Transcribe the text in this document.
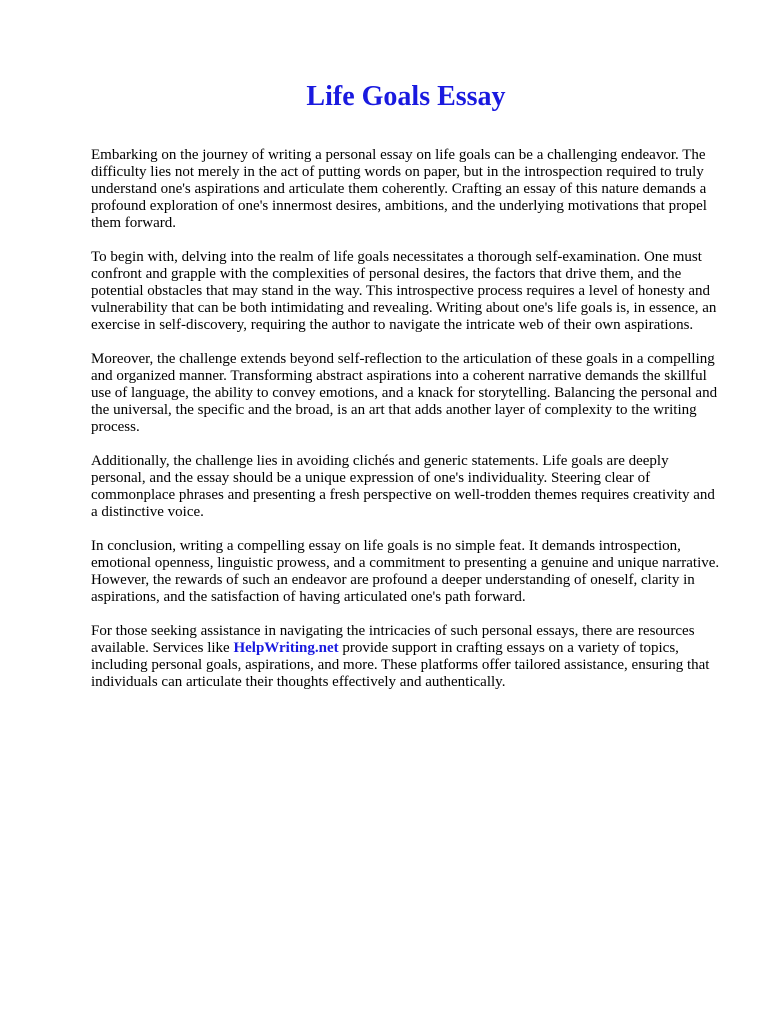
Life Goals Essay

Embarking on the journey of writing a personal essay on life goals can be a challenging endeavor. The difficulty lies not merely in the act of putting words on paper, but in the introspection required to truly understand one's aspirations and articulate them coherently. Crafting an essay of this nature demands a profound exploration of one's innermost desires, ambitions, and the underlying motivations that propel them forward.

To begin with, delving into the realm of life goals necessitates a thorough self-examination. One must confront and grapple with the complexities of personal desires, the factors that drive them, and the potential obstacles that may stand in the way. This introspective process requires a level of honesty and vulnerability that can be both intimidating and revealing. Writing about one's life goals is, in essence, an exercise in self-discovery, requiring the author to navigate the intricate web of their own aspirations.

Moreover, the challenge extends beyond self-reflection to the articulation of these goals in a compelling and organized manner. Transforming abstract aspirations into a coherent narrative demands the skillful use of language, the ability to convey emotions, and a knack for storytelling. Balancing the personal and the universal, the specific and the broad, is an art that adds another layer of complexity to the writing process.

Additionally, the challenge lies in avoiding clichés and generic statements. Life goals are deeply personal, and the essay should be a unique expression of one's individuality. Steering clear of commonplace phrases and presenting a fresh perspective on well-trodden themes requires creativity and a distinctive voice.

In conclusion, writing a compelling essay on life goals is no simple feat. It demands introspection, emotional openness, linguistic prowess, and a commitment to presenting a genuine and unique narrative. However, the rewards of such an endeavor are profound a deeper understanding of oneself, clarity in aspirations, and the satisfaction of having articulated one's path forward.

For those seeking assistance in navigating the intricacies of such personal essays, there are resources available. Services like HelpWriting.net provide support in crafting essays on a variety of topics, including personal goals, aspirations, and more. These platforms offer tailored assistance, ensuring that individuals can articulate their thoughts effectively and authentically.
